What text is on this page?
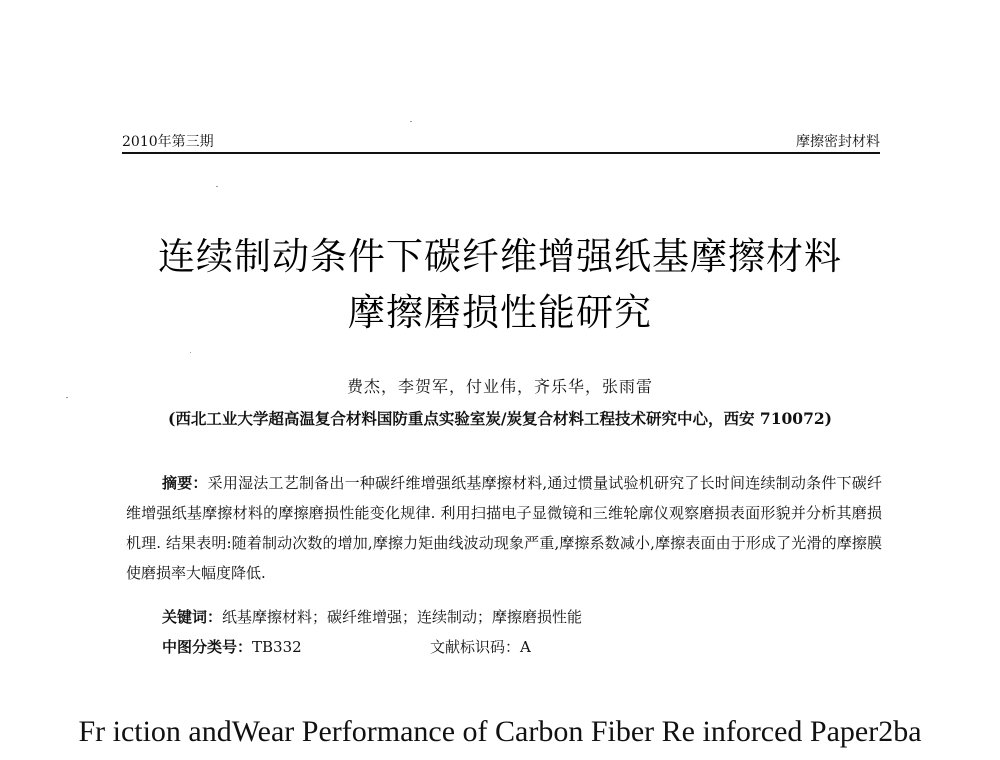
2010年第三期	摩擦密封材料
连续制动条件下碳纤维增强纸基摩擦材料
摩擦磨损性能研究
费杰，李贺军，付业伟，齐乐华，张雨雷
(西北工业大学超高温复合材料国防重点实验室炭/炭复合材料工程技术研究中心，西安 710072)
摘要：采用湿法工艺制备出一种碳纤维增强纸基摩擦材料,通过惯量试验机研究了长时间连续制动条件下碳纤维增强纸基摩擦材料的摩擦磨损性能变化规律. 利用扫描电子显微镜和三维轮廓仪观察磨损表面形貌并分析其磨损机理. 结果表明:随着制动次数的增加,摩擦力矩曲线波动现象严重,摩擦系数减小,摩擦表面由于形成了光滑的摩擦膜使磨损率大幅度降低.
关键词：纸基摩擦材料；碳纤维增强；连续制动；摩擦磨损性能
中图分类号：TB332	文献标识码：A
Fr iction andWear Performance of Carbon Fiber Re inforced Paper2ba
